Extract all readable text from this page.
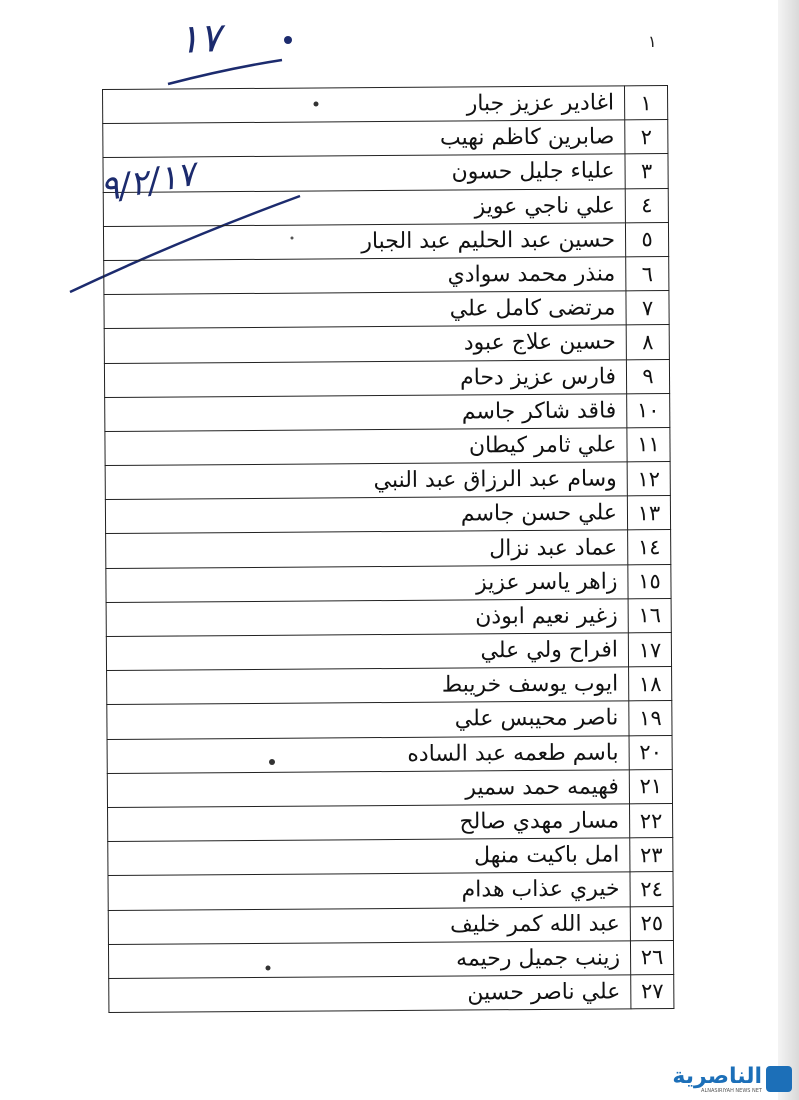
١
١٧
١	اغادير عزيز جبار
٢	صابرين كاظم نهيب
٣	علياء جليل حسون
٤	علي ناجي عويز
٥	حسين عبد الحليم عبد الجبار
٦	منذر محمد سوادي
٧	مرتضى كامل علي
٨	حسين علاج عبود
٩	فارس عزيز دحام
١٠	فاقد شاكر جاسم
١١	علي ثامر كيطان
١٢	وسام عبد الرزاق عبد النبي
١٣	علي حسن جاسم
١٤	عماد عبد نزال
١٥	زاهر ياسر عزيز
١٦	زغير نعيم ابوذن
١٧	افراح ولي علي
١٨	ايوب يوسف خريبط
١٩	ناصر محيبس علي
٢٠	باسم طعمه عبد الساده
٢١	فهيمه حمد سمير
٢٢	مسار مهدي صالح
٢٣	امل باكيت منهل
٢٤	خيري عذاب هدام
٢٥	عبد الله كمر خليف
٢٦	زينب جميل رحيمه
٢٧	علي ناصر حسين
٩/٢/١٧
الناصرية
ALNASIRIYAH NEWS NET
